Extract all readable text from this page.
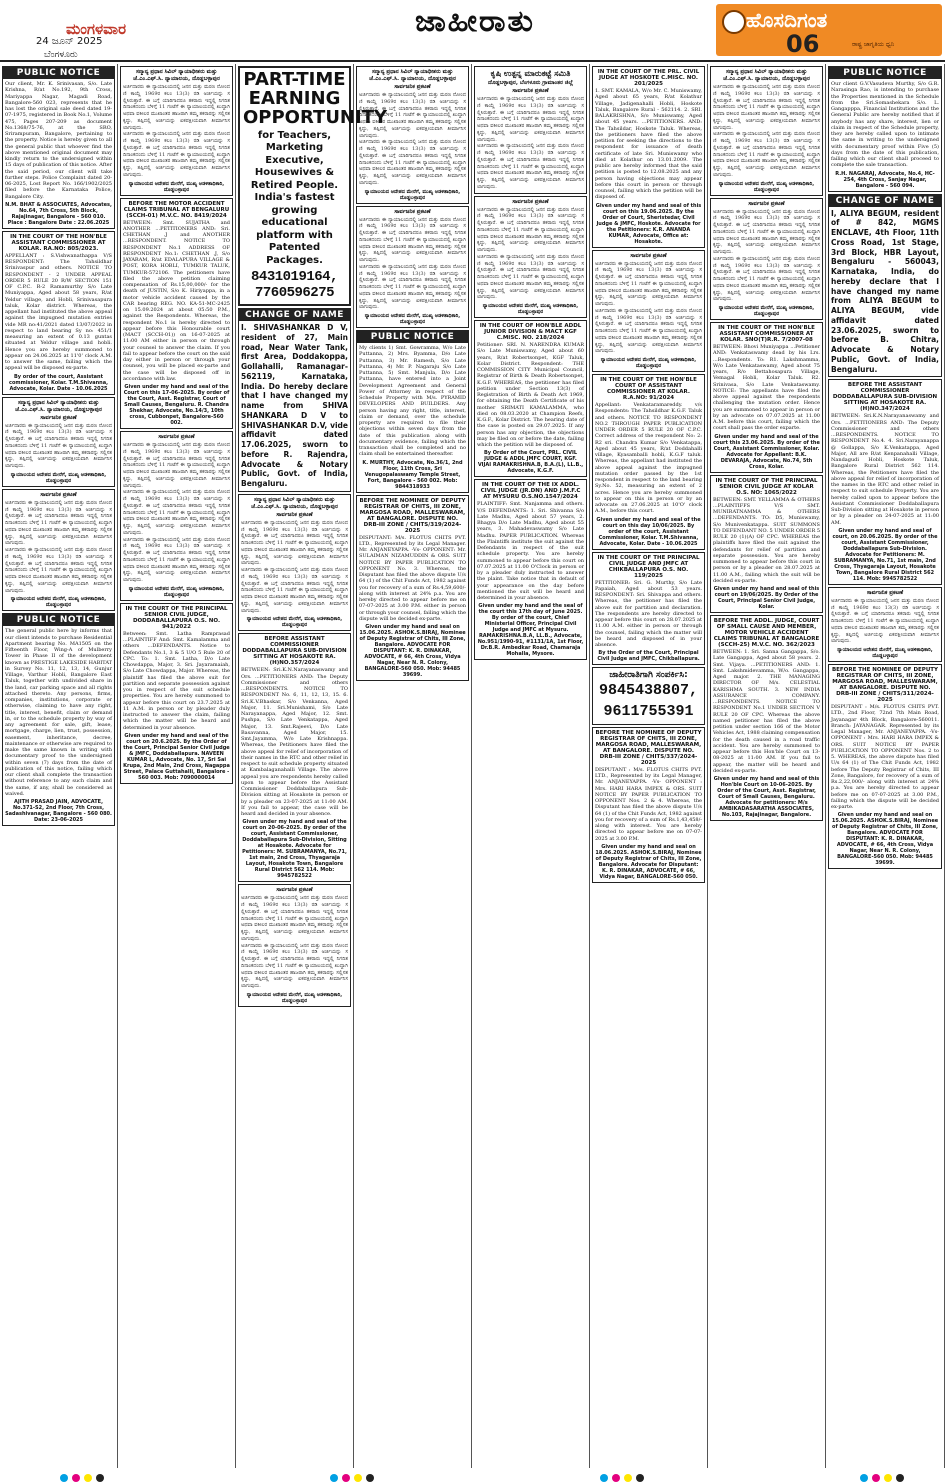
ಮಂಗಳವಾರ
24 ಜೂನ್ 2025
ಬೆಂಗಳೂರು
ಜಾಹೀರಾತು	ಹೊಸದಿಗಂತ
ರಾಷ್ಟ್ರ ಜಾಗೃತಿಯ ಧ್ವನಿ
06
PUBLIC NOTICE
Our client, Mr. K. Srinivasan, S/o. Late Krishna, R/at No.192, 9th Cross, Mariyappa Nagar, Magadi Road, Bangalore-560 023, represents that he has lost the original sale deed dated 19-07-1975, registered in Book No.1, Volume 475, Pages 207-209 as document No.1368/75-76, at the SRO, Srirampuram, Bangalore, pertaining to the property. Notice is hereby given to all the general public that whoever find the above mentioned original document may kindly return to the undersigned within 15 days of publication of this notice. After the said period, our client will take further steps. Police Complaint dated 20-06-2025, Lost Report No. 166/1902/2025 filed before the Karnataka Police, Bangalore City.
N.M. BHAT & ASSOCIATES, Advocates, No.64, 7th Cross, 5th Block, Rajajinagar, Bangalore - 560 010. Place : Bangalore Date : 22.06.2025
IN THE COURT OF THE HON'BLE ASSISTANT COMMISSIONER AT KOLAR. RA.NO: 805/2023.
APPELLANT : S.Vishwanathappa V/S RESPONDENT: The Tahsildhar Srinivaspur and others. NOTICE TO RESPONDENT - 2 UNDER APPEAL ORDER 5 RULE 20 R/W SECTION 151 OF C.P.C. R-2 Ramamurthy S/o Late Muniyappa, Aged about 58 years, R/at Yeldur village, and Hobli, Srinivasapura taluk, Kolar district. Whereas, the appellant had instituted the above appeal against the impugned mutation entries vide MR no:41/2021 dated 13/07/2022 in respect to land bearing Sy no: 451/1 measuring an extent of 0.13 guntas situated at Yeldur village and hobli. Hence you are hereby summoned to appear on 24.06.2025 at 11'0' clock A.M. to answer the same, failing which the appeal will be disposed ex-parte.
By order of the court, Assistant commissioner, Kolar. T.M.Shivanna, Advocate, Kolar. Date - 10.06.2025
ಸನ್ಮಾನ್ಯ ಪ್ರಧಾನ ಸಿವಿಲ್ ನ್ಯಾಯಾಧೀಶರು ಮತ್ತು ಜೆ.ಎಂ.ಎಫ್.ಸಿ. ನ್ಯಾಯಾಲಯ, ದೊಡ್ಡಬಳ್ಳಾಪುರ
ಸಾರ್ವಜನಿಕ ಪ್ರಕಟಣೆ
ಅರ್ಜಿದಾರರು ಈ ನ್ಯಾಯಾಲಯದಲ್ಲಿ ಜನನ ಮತ್ತು ಮರಣ ನೋಂದಣಿ ಕಾಯ್ದೆ 1969ರ ಕಲಂ 13(3) ರಡಿ ಅರ್ಜಿಯನ್ನು ಸಲ್ಲಿಸಿರುತ್ತಾರೆ. ಈ ಬಗ್ಗೆ ಯಾರಿಗಾದರೂ ತಕರಾರು ಇದ್ದಲ್ಲಿ ನಿಗದಿತ ದಿನಾಂಕದಂದು ಬೆಳಿಗ್ಗೆ 11 ಗಂಟೆಗೆ ಈ ನ್ಯಾಯಾಲಯದಲ್ಲಿ ಖುದ್ದಾಗಿ ಅಥವಾ ವಕೀಲರ ಮುಖಾಂತರ ಹಾಜರಾಗಿ ತಮ್ಮ ತಕರಾರನ್ನು ಸಲ್ಲಿಸತಕ್ಕದ್ದು, ತಪ್ಪಿದಲ್ಲಿ ಅರ್ಜಿಯನ್ನು ಏಕಪಕ್ಷೀಯವಾಗಿ ತೀರ್ಮಾನಿಸಲಾಗುವುದು.
ನ್ಯಾಯಾಲಯದ ಆದೇಶದ ಮೇರೆಗೆ, ಮುಖ್ಯ ಆಡಳಿತಾಧಿಕಾರಿ, ದೊಡ್ಡಬಳ್ಳಾಪುರ
ಸಾರ್ವಜನಿಕ ಪ್ರಕಟಣೆ
ಅರ್ಜಿದಾರರು ಈ ನ್ಯಾಯಾಲಯದಲ್ಲಿ ಜನನ ಮತ್ತು ಮರಣ ನೋಂದಣಿ ಕಾಯ್ದೆ 1969ರ ಕಲಂ 13(3) ರಡಿ ಅರ್ಜಿಯನ್ನು ಸಲ್ಲಿಸಿರುತ್ತಾರೆ. ಈ ಬಗ್ಗೆ ಯಾರಿಗಾದರೂ ತಕರಾರು ಇದ್ದಲ್ಲಿ ನಿಗದಿತ ದಿನಾಂಕದಂದು ಬೆಳಿಗ್ಗೆ 11 ಗಂಟೆಗೆ ಈ ನ್ಯಾಯಾಲಯದಲ್ಲಿ ಖುದ್ದಾಗಿ ಅಥವಾ ವಕೀಲರ ಮುಖಾಂತರ ಹಾಜರಾಗಿ ತಮ್ಮ ತಕರಾರನ್ನು ಸಲ್ಲಿಸತಕ್ಕದ್ದು, ತಪ್ಪಿದಲ್ಲಿ ಅರ್ಜಿಯನ್ನು ಏಕಪಕ್ಷೀಯವಾಗಿ ತೀರ್ಮಾನಿಸಲಾಗುವುದು.
ಅರ್ಜಿದಾರರು ಈ ನ್ಯಾಯಾಲಯದಲ್ಲಿ ಜನನ ಮತ್ತು ಮರಣ ನೋಂದಣಿ ಕಾಯ್ದೆ 1969ರ ಕಲಂ 13(3) ರಡಿ ಅರ್ಜಿಯನ್ನು ಸಲ್ಲಿಸಿರುತ್ತಾರೆ. ಈ ಬಗ್ಗೆ ಯಾರಿಗಾದರೂ ತಕರಾರು ಇದ್ದಲ್ಲಿ ನಿಗದಿತ ದಿನಾಂಕದಂದು ಬೆಳಿಗ್ಗೆ 11 ಗಂಟೆಗೆ ಈ ನ್ಯಾಯಾಲಯದಲ್ಲಿ ಖುದ್ದಾಗಿ ಅಥವಾ ವಕೀಲರ ಮುಖಾಂತರ ಹಾಜರಾಗಿ ತಮ್ಮ ತಕರಾರನ್ನು ಸಲ್ಲಿಸತಕ್ಕದ್ದು, ತಪ್ಪಿದಲ್ಲಿ ಅರ್ಜಿಯನ್ನು ಏಕಪಕ್ಷೀಯವಾಗಿ ತೀರ್ಮಾನಿಸಲಾಗುವುದು.
ನ್ಯಾಯಾಲಯದ ಆದೇಶದ ಮೇರೆಗೆ, ಮುಖ್ಯ ಆಡಳಿತಾಧಿಕಾರಿ, ದೊಡ್ಡಬಳ್ಳಾಪುರ
PUBLIC NOTICE
The general public here by informs that our client intends to purchase Residential Apartment bearing No. MA1505 on the Fifteenth Floor, Wing-A of Mulberry Tower in Phase II of the development known as PRESTIGE LAKESIDE HABITAT in Survey No. 11, 12, 13, 14, Gunjur Village, Varthur Hobli, Bangalore East Taluk, together with undivided share in the land, car parking space and all rights attached thereto. Any persons, firms, companies, institutions, corporate or otherwise, claiming to have any right, title, interest, benefit, claim or demand in, or to the schedule property by way of any agreement for sale, gift, lease, mortgage, charge, lien, trust, possession, easement, inheritance, decree, maintenance or otherwise are required to make the same known in writing with documentary proof to the undersigned within seven (7) days from the date of publication of this notice, failing which our client shall complete the transaction without reference to any such claim and the same, if any, shall be considered as waived.
AJITH PRASAD JAIN, ADVOCATE, No.371-S2, 2nd Floor, 7th Cross, Sadashivanagar, Bangalore - 560 080. Date: 23-06-2025
ಸನ್ಮಾನ್ಯ ಪ್ರಧಾನ ಸಿವಿಲ್ ನ್ಯಾಯಾಧೀಶರು ಮತ್ತು ಜೆ.ಎಂ.ಎಫ್.ಸಿ. ನ್ಯಾಯಾಲಯ, ದೊಡ್ಡಬಳ್ಳಾಪುರ
ಅರ್ಜಿದಾರರು ಈ ನ್ಯಾಯಾಲಯದಲ್ಲಿ ಜನನ ಮತ್ತು ಮರಣ ನೋಂದಣಿ ಕಾಯ್ದೆ 1969ರ ಕಲಂ 13(3) ರಡಿ ಅರ್ಜಿಯನ್ನು ಸಲ್ಲಿಸಿರುತ್ತಾರೆ. ಈ ಬಗ್ಗೆ ಯಾರಿಗಾದರೂ ತಕರಾರು ಇದ್ದಲ್ಲಿ ನಿಗದಿತ ದಿನಾಂಕದಂದು ಬೆಳಿಗ್ಗೆ 11 ಗಂಟೆಗೆ ಈ ನ್ಯಾಯಾಲಯದಲ್ಲಿ ಖುದ್ದಾಗಿ ಅಥವಾ ವಕೀಲರ ಮುಖಾಂತರ ಹಾಜರಾಗಿ ತಮ್ಮ ತಕರಾರನ್ನು ಸಲ್ಲಿಸತಕ್ಕದ್ದು, ತಪ್ಪಿದಲ್ಲಿ ಅರ್ಜಿಯನ್ನು ಏಕಪಕ್ಷೀಯವಾಗಿ ತೀರ್ಮಾನಿಸಲಾಗುವುದು.
ಅರ್ಜಿದಾರರು ಈ ನ್ಯಾಯಾಲಯದಲ್ಲಿ ಜನನ ಮತ್ತು ಮರಣ ನೋಂದಣಿ ಕಾಯ್ದೆ 1969ರ ಕಲಂ 13(3) ರಡಿ ಅರ್ಜಿಯನ್ನು ಸಲ್ಲಿಸಿರುತ್ತಾರೆ. ಈ ಬಗ್ಗೆ ಯಾರಿಗಾದರೂ ತಕರಾರು ಇದ್ದಲ್ಲಿ ನಿಗದಿತ ದಿನಾಂಕದಂದು ಬೆಳಿಗ್ಗೆ 11 ಗಂಟೆಗೆ ಈ ನ್ಯಾಯಾಲಯದಲ್ಲಿ ಖುದ್ದಾಗಿ ಅಥವಾ ವಕೀಲರ ಮುಖಾಂತರ ಹಾಜರಾಗಿ ತಮ್ಮ ತಕರಾರನ್ನು ಸಲ್ಲಿಸತಕ್ಕದ್ದು, ತಪ್ಪಿದಲ್ಲಿ ಅರ್ಜಿಯನ್ನು ಏಕಪಕ್ಷೀಯವಾಗಿ ತೀರ್ಮಾನಿಸಲಾಗುವುದು.
ನ್ಯಾಯಾಲಯದ ಆದೇಶದ ಮೇರೆಗೆ, ಮುಖ್ಯ ಆಡಳಿತಾಧಿಕಾರಿ, ದೊಡ್ಡಬಳ್ಳಾಪುರ
BEFORE THE MOTOR ACCIDENT CLAIMS TRIBUNAL AT BENGALURU (SCCH-01) M.V.C. NO. 8419/2024
BETWEEN: Smt. SUJATHA and ANOTHER ...PETITIONERS AND: Sri. CHETHAN .J and ANOTHER ...RESPONDENT. NOTICE TO RESPONDENT No.1 ADDRESS OF RESPONDENT No.1: CHETHAN .J, S/o JAYARAM, R/at EDALAPURA VILLAGE & POST, KORA HOBLI, TUMKUR TALUK, TUMKUR-572106. The petitioners have filed the above petition claiming compensation of Rs.15,00,000/- for the death of JUSTIN, S/o K. Hiriyappa, in a motor vehicle accident caused by the CAR bearing REG. NO. KA-51-MC-2425 on 15.09.2024 at about 05:50 P.M., against the Respondents. Whereas, the respondent No.1 is hereby directed to appear before this Honourable court (MACT (SCCH-01)) on 16-07-2025 at 11:00 AM either in person or through your counsel to answer the claim. If you fail to appear before the court on the said day either in person or through your counsel, you will be placed ex-parte and the case will be disposed off in accordance with law.
Given under my hand and seal of the Court on this 17-06-2025. By order of the Court, Asst. Registrar, Court of Small Causes, Bengaluru. R. Chandra Shekhar, Advocate, No.14/3, 10th cross, Cubbonpet, Bangalore-560 002.
ಸಾರ್ವಜನಿಕ ಪ್ರಕಟಣೆ
ಅರ್ಜಿದಾರರು ಈ ನ್ಯಾಯಾಲಯದಲ್ಲಿ ಜನನ ಮತ್ತು ಮರಣ ನೋಂದಣಿ ಕಾಯ್ದೆ 1969ರ ಕಲಂ 13(3) ರಡಿ ಅರ್ಜಿಯನ್ನು ಸಲ್ಲಿಸಿರುತ್ತಾರೆ. ಈ ಬಗ್ಗೆ ಯಾರಿಗಾದರೂ ತಕರಾರು ಇದ್ದಲ್ಲಿ ನಿಗದಿತ ದಿನಾಂಕದಂದು ಬೆಳಿಗ್ಗೆ 11 ಗಂಟೆಗೆ ಈ ನ್ಯಾಯಾಲಯದಲ್ಲಿ ಖುದ್ದಾಗಿ ಅಥವಾ ವಕೀಲರ ಮುಖಾಂತರ ಹಾಜರಾಗಿ ತಮ್ಮ ತಕರಾರನ್ನು ಸಲ್ಲಿಸತಕ್ಕದ್ದು, ತಪ್ಪಿದಲ್ಲಿ ಅರ್ಜಿಯನ್ನು ಏಕಪಕ್ಷೀಯವಾಗಿ ತೀರ್ಮಾನಿಸಲಾಗುವುದು.
ಅರ್ಜಿದಾರರು ಈ ನ್ಯಾಯಾಲಯದಲ್ಲಿ ಜನನ ಮತ್ತು ಮರಣ ನೋಂದಣಿ ಕಾಯ್ದೆ 1969ರ ಕಲಂ 13(3) ರಡಿ ಅರ್ಜಿಯನ್ನು ಸಲ್ಲಿಸಿರುತ್ತಾರೆ. ಈ ಬಗ್ಗೆ ಯಾರಿಗಾದರೂ ತಕರಾರು ಇದ್ದಲ್ಲಿ ನಿಗದಿತ ದಿನಾಂಕದಂದು ಬೆಳಿಗ್ಗೆ 11 ಗಂಟೆಗೆ ಈ ನ್ಯಾಯಾಲಯದಲ್ಲಿ ಖುದ್ದಾಗಿ ಅಥವಾ ವಕೀಲರ ಮುಖಾಂತರ ಹಾಜರಾಗಿ ತಮ್ಮ ತಕರಾರನ್ನು ಸಲ್ಲಿಸತಕ್ಕದ್ದು, ತಪ್ಪಿದಲ್ಲಿ ಅರ್ಜಿಯನ್ನು ಏಕಪಕ್ಷೀಯವಾಗಿ ತೀರ್ಮಾನಿಸಲಾಗುವುದು.
ಅರ್ಜಿದಾರರು ಈ ನ್ಯಾಯಾಲಯದಲ್ಲಿ ಜನನ ಮತ್ತು ಮರಣ ನೋಂದಣಿ ಕಾಯ್ದೆ 1969ರ ಕಲಂ 13(3) ರಡಿ ಅರ್ಜಿಯನ್ನು ಸಲ್ಲಿಸಿರುತ್ತಾರೆ. ಈ ಬಗ್ಗೆ ಯಾರಿಗಾದರೂ ತಕರಾರು ಇದ್ದಲ್ಲಿ ನಿಗದಿತ ದಿನಾಂಕದಂದು ಬೆಳಿಗ್ಗೆ 11 ಗಂಟೆಗೆ ಈ ನ್ಯಾಯಾಲಯದಲ್ಲಿ ಖುದ್ದಾಗಿ ಅಥವಾ ವಕೀಲರ ಮುಖಾಂತರ ಹಾಜರಾಗಿ ತಮ್ಮ ತಕರಾರನ್ನು ಸಲ್ಲಿಸತಕ್ಕದ್ದು, ತಪ್ಪಿದಲ್ಲಿ ಅರ್ಜಿಯನ್ನು ಏಕಪಕ್ಷೀಯವಾಗಿ ತೀರ್ಮಾನಿಸಲಾಗುವುದು.
ನ್ಯಾಯಾಲಯದ ಆದೇಶದ ಮೇರೆಗೆ, ಮುಖ್ಯ ಆಡಳಿತಾಧಿಕಾರಿ, ದೊಡ್ಡಬಳ್ಳಾಪುರ
IN THE COURT OF THE PRINCIPAL SENIOR CIVIL JUDGE, DODDABALLAPURA O.S. NO. 941/2022
Between: Smt. Latha Ramprasad ...PLAINTIFF And: Smt. Kamalamma and others ...DEFENDANTS. Notice to Defendants No.1, 3 & 5 U/O 5 Rule 20 of CPC. To: 1. Smt. Latha, D/o Late Chowdappa, Major, 3. Sri. Jayaramaiah, S/o Late Chowdappa, Major. Whereas, the plaintiff has filed the above suit for partition and separate possession against you in respect of the suit schedule properties. You are hereby summoned to appear before this court on 23.7.2025 at 11 A.M. in person or by pleader duly instructed to answer the claim, failing which the matter will be heard and determined in your absence.
Given under my hand and seal of the court on 20.6.2025. By the Order of the Court, Principal Senior Civil Judge & JMFC, Doddaballapura. NAVEEN KUMAR L, Advocate, No. 17, Sri Sai Krupa, 2nd Main, 2nd Cross, Nagappa Street, Palace Guttahalli, Bangalore - 560 003. Mob: 7090000014
PART-TIME EARNING OPPORTUNITY
for Teachers, Marketing Executive, Housewives & Retired People. India's fastest growing educational platform with Patented Packages.
8431019164, 7760596275
CHANGE OF NAME
I. SHIVASHANKAR D V, resident of 27, Main road, Near Water Tank, first Area, Doddakoppa, Gollahalli, Ramanagar-562119, Karnataka, India. Do hereby declare that I have changed my name from SHIVA SHANKARA D V to SHIVASHANKAR D.V, vide affidavit dated 17.06.2025, sworn to before R. Rajendra, Advocate & Notary Public, Govt. of India, Bengaluru.
ಸನ್ಮಾನ್ಯ ಪ್ರಧಾನ ಸಿವಿಲ್ ನ್ಯಾಯಾಧೀಶರು ಮತ್ತು ಜೆ.ಎಂ.ಎಫ್.ಸಿ. ನ್ಯಾಯಾಲಯ, ದೊಡ್ಡಬಳ್ಳಾಪುರ
ಸಾರ್ವಜನಿಕ ಪ್ರಕಟಣೆ
ಅರ್ಜಿದಾರರು ಈ ನ್ಯಾಯಾಲಯದಲ್ಲಿ ಜನನ ಮತ್ತು ಮರಣ ನೋಂದಣಿ ಕಾಯ್ದೆ 1969ರ ಕಲಂ 13(3) ರಡಿ ಅರ್ಜಿಯನ್ನು ಸಲ್ಲಿಸಿರುತ್ತಾರೆ. ಈ ಬಗ್ಗೆ ಯಾರಿಗಾದರೂ ತಕರಾರು ಇದ್ದಲ್ಲಿ ನಿಗದಿತ ದಿನಾಂಕದಂದು ಬೆಳಿಗ್ಗೆ 11 ಗಂಟೆಗೆ ಈ ನ್ಯಾಯಾಲಯದಲ್ಲಿ ಖುದ್ದಾಗಿ ಅಥವಾ ವಕೀಲರ ಮುಖಾಂತರ ಹಾಜರಾಗಿ ತಮ್ಮ ತಕರಾರನ್ನು ಸಲ್ಲಿಸತಕ್ಕದ್ದು, ತಪ್ಪಿದಲ್ಲಿ ಅರ್ಜಿಯನ್ನು ಏಕಪಕ್ಷೀಯವಾಗಿ ತೀರ್ಮಾನಿಸಲಾಗುವುದು.
ಅರ್ಜಿದಾರರು ಈ ನ್ಯಾಯಾಲಯದಲ್ಲಿ ಜನನ ಮತ್ತು ಮರಣ ನೋಂದಣಿ ಕಾಯ್ದೆ 1969ರ ಕಲಂ 13(3) ರಡಿ ಅರ್ಜಿಯನ್ನು ಸಲ್ಲಿಸಿರುತ್ತಾರೆ. ಈ ಬಗ್ಗೆ ಯಾರಿಗಾದರೂ ತಕರಾರು ಇದ್ದಲ್ಲಿ ನಿಗದಿತ ದಿನಾಂಕದಂದು ಬೆಳಿಗ್ಗೆ 11 ಗಂಟೆಗೆ ಈ ನ್ಯಾಯಾಲಯದಲ್ಲಿ ಖುದ್ದಾಗಿ ಅಥವಾ ವಕೀಲರ ಮುಖಾಂತರ ಹಾಜರಾಗಿ ತಮ್ಮ ತಕರಾರನ್ನು ಸಲ್ಲಿಸತಕ್ಕದ್ದು, ತಪ್ಪಿದಲ್ಲಿ ಅರ್ಜಿಯನ್ನು ಏಕಪಕ್ಷೀಯವಾಗಿ ತೀರ್ಮಾನಿಸಲಾಗುವುದು.
ನ್ಯಾಯಾಲಯದ ಆದೇಶದ ಮೇರೆಗೆ, ಮುಖ್ಯ ಆಡಳಿತಾಧಿಕಾರಿ, ದೊಡ್ಡಬಳ್ಳಾಪುರ
BEFORE ASSISTANT COMMISSIONER DODDABALLAPURA SUB-DIVISION SITTING AT HOSAKOTE RA.(H)NO.357/2024
BETWEEN: Sri.K.N.Narayanaswamy and Ors. ...PETITIONERS AND: The Deputy Commissioner and others ...RESPONDENTS. NOTICE TO RESPONDENT No. 6, 11, 12, 13, 15. 6. Sri.K.V.Bhaskar, S/o Venkanna, Aged Major, 11. Sri.Munishami, S/o Late Narayanappa, Aged Major, 12. Smt. Pushpa, S/o Late Venkatappa, Aged Major, 13. Smt.Rajeevi, D/o Late Basavanna, Aged Major, 15. Smt.Jayamma, W/o Late Krishnappa. Whereas, the Petitioners have filed the above appeal for relief of incorporation of their names in the RTC and other relief in respect to suit schedule property situated at Kambalaganahalli Village. The above appeal you are respondents hereby called upon to appear before the Assistant Commissioner Doddaballapura Sub-Division sitting at Hosakote in person or by a pleader on 23-07-2025 at 11:00 AM. If you fail to appear, the case will be heard and decided in your absence.
Given under my hand and seal of the court on 20-06-2025. By order of the court, Assistant Commissioner, Doddaballapura Sub-Division, Sitting at Hosakote. Advocate for Petitioners: M. SUBRAMANYA, No.71, 1st main, 2nd Cross, Thyagaraja Layout, Hosakote Town, Bangalore Rural District 562 114. Mob: 9945782522
ಸಾರ್ವಜನಿಕ ಪ್ರಕಟಣೆ
ಅರ್ಜಿದಾರರು ಈ ನ್ಯಾಯಾಲಯದಲ್ಲಿ ಜನನ ಮತ್ತು ಮರಣ ನೋಂದಣಿ ಕಾಯ್ದೆ 1969ರ ಕಲಂ 13(3) ರಡಿ ಅರ್ಜಿಯನ್ನು ಸಲ್ಲಿಸಿರುತ್ತಾರೆ. ಈ ಬಗ್ಗೆ ಯಾರಿಗಾದರೂ ತಕರಾರು ಇದ್ದಲ್ಲಿ ನಿಗದಿತ ದಿನಾಂಕದಂದು ಬೆಳಿಗ್ಗೆ 11 ಗಂಟೆಗೆ ಈ ನ್ಯಾಯಾಲಯದಲ್ಲಿ ಖುದ್ದಾಗಿ ಅಥವಾ ವಕೀಲರ ಮುಖಾಂತರ ಹಾಜರಾಗಿ ತಮ್ಮ ತಕರಾರನ್ನು ಸಲ್ಲಿಸತಕ್ಕದ್ದು, ತಪ್ಪಿದಲ್ಲಿ ಅರ್ಜಿಯನ್ನು ಏಕಪಕ್ಷೀಯವಾಗಿ ತೀರ್ಮಾನಿಸಲಾಗುವುದು.
ಅರ್ಜಿದಾರರು ಈ ನ್ಯಾಯಾಲಯದಲ್ಲಿ ಜನನ ಮತ್ತು ಮರಣ ನೋಂದಣಿ ಕಾಯ್ದೆ 1969ರ ಕಲಂ 13(3) ರಡಿ ಅರ್ಜಿಯನ್ನು ಸಲ್ಲಿಸಿರುತ್ತಾರೆ. ಈ ಬಗ್ಗೆ ಯಾರಿಗಾದರೂ ತಕರಾರು ಇದ್ದಲ್ಲಿ ನಿಗದಿತ ದಿನಾಂಕದಂದು ಬೆಳಿಗ್ಗೆ 11 ಗಂಟೆಗೆ ಈ ನ್ಯಾಯಾಲಯದಲ್ಲಿ ಖುದ್ದಾಗಿ ಅಥವಾ ವಕೀಲರ ಮುಖಾಂತರ ಹಾಜರಾಗಿ ತಮ್ಮ ತಕರಾರನ್ನು ಸಲ್ಲಿಸತಕ್ಕದ್ದು, ತಪ್ಪಿದಲ್ಲಿ ಅರ್ಜಿಯನ್ನು ಏಕಪಕ್ಷೀಯವಾಗಿ ತೀರ್ಮಾನಿಸಲಾಗುವುದು.
ನ್ಯಾಯಾಲಯದ ಆದೇಶದ ಮೇರೆಗೆ, ಮುಖ್ಯ ಆಡಳಿತಾಧಿಕಾರಿ, ದೊಡ್ಡಬಳ್ಳಾಪುರ
ಸನ್ಮಾನ್ಯ ಪ್ರಧಾನ ಸಿವಿಲ್ ನ್ಯಾಯಾಧೀಶರು ಮತ್ತು ಜೆ.ಎಂ.ಎಫ್.ಸಿ. ನ್ಯಾಯಾಲಯ, ದೊಡ್ಡಬಳ್ಳಾಪುರ
ಸಾರ್ವಜನಿಕ ಪ್ರಕಟಣೆ
ಅರ್ಜಿದಾರರು ಈ ನ್ಯಾಯಾಲಯದಲ್ಲಿ ಜನನ ಮತ್ತು ಮರಣ ನೋಂದಣಿ ಕಾಯ್ದೆ 1969ರ ಕಲಂ 13(3) ರಡಿ ಅರ್ಜಿಯನ್ನು ಸಲ್ಲಿಸಿರುತ್ತಾರೆ. ಈ ಬಗ್ಗೆ ಯಾರಿಗಾದರೂ ತಕರಾರು ಇದ್ದಲ್ಲಿ ನಿಗದಿತ ದಿನಾಂಕದಂದು ಬೆಳಿಗ್ಗೆ 11 ಗಂಟೆಗೆ ಈ ನ್ಯಾಯಾಲಯದಲ್ಲಿ ಖುದ್ದಾಗಿ ಅಥವಾ ವಕೀಲರ ಮುಖಾಂತರ ಹಾಜರಾಗಿ ತಮ್ಮ ತಕರಾರನ್ನು ಸಲ್ಲಿಸತಕ್ಕದ್ದು, ತಪ್ಪಿದಲ್ಲಿ ಅರ್ಜಿಯನ್ನು ಏಕಪಕ್ಷೀಯವಾಗಿ ತೀರ್ಮಾನಿಸಲಾಗುವುದು.
ಅರ್ಜಿದಾರರು ಈ ನ್ಯಾಯಾಲಯದಲ್ಲಿ ಜನನ ಮತ್ತು ಮರಣ ನೋಂದಣಿ ಕಾಯ್ದೆ 1969ರ ಕಲಂ 13(3) ರಡಿ ಅರ್ಜಿಯನ್ನು ಸಲ್ಲಿಸಿರುತ್ತಾರೆ. ಈ ಬಗ್ಗೆ ಯಾರಿಗಾದರೂ ತಕರಾರು ಇದ್ದಲ್ಲಿ ನಿಗದಿತ ದಿನಾಂಕದಂದು ಬೆಳಿಗ್ಗೆ 11 ಗಂಟೆಗೆ ಈ ನ್ಯಾಯಾಲಯದಲ್ಲಿ ಖುದ್ದಾಗಿ ಅಥವಾ ವಕೀಲರ ಮುಖಾಂತರ ಹಾಜರಾಗಿ ತಮ್ಮ ತಕರಾರನ್ನು ಸಲ್ಲಿಸತಕ್ಕದ್ದು, ತಪ್ಪಿದಲ್ಲಿ ಅರ್ಜಿಯನ್ನು ಏಕಪಕ್ಷೀಯವಾಗಿ ತೀರ್ಮಾನಿಸಲಾಗುವುದು.
ನ್ಯಾಯಾಲಯದ ಆದೇಶದ ಮೇರೆಗೆ, ಮುಖ್ಯ ಆಡಳಿತಾಧಿಕಾರಿ, ದೊಡ್ಡಬಳ್ಳಾಪುರ
ಸಾರ್ವಜನಿಕ ಪ್ರಕಟಣೆ
ಅರ್ಜಿದಾರರು ಈ ನ್ಯಾಯಾಲಯದಲ್ಲಿ ಜನನ ಮತ್ತು ಮರಣ ನೋಂದಣಿ ಕಾಯ್ದೆ 1969ರ ಕಲಂ 13(3) ರಡಿ ಅರ್ಜಿಯನ್ನು ಸಲ್ಲಿಸಿರುತ್ತಾರೆ. ಈ ಬಗ್ಗೆ ಯಾರಿಗಾದರೂ ತಕರಾರು ಇದ್ದಲ್ಲಿ ನಿಗದಿತ ದಿನಾಂಕದಂದು ಬೆಳಿಗ್ಗೆ 11 ಗಂಟೆಗೆ ಈ ನ್ಯಾಯಾಲಯದಲ್ಲಿ ಖುದ್ದಾಗಿ ಅಥವಾ ವಕೀಲರ ಮುಖಾಂತರ ಹಾಜರಾಗಿ ತಮ್ಮ ತಕರಾರನ್ನು ಸಲ್ಲಿಸತಕ್ಕದ್ದು, ತಪ್ಪಿದಲ್ಲಿ ಅರ್ಜಿಯನ್ನು ಏಕಪಕ್ಷೀಯವಾಗಿ ತೀರ್ಮಾನಿಸಲಾಗುವುದು.
ಅರ್ಜಿದಾರರು ಈ ನ್ಯಾಯಾಲಯದಲ್ಲಿ ಜನನ ಮತ್ತು ಮರಣ ನೋಂದಣಿ ಕಾಯ್ದೆ 1969ರ ಕಲಂ 13(3) ರಡಿ ಅರ್ಜಿಯನ್ನು ಸಲ್ಲಿಸಿರುತ್ತಾರೆ. ಈ ಬಗ್ಗೆ ಯಾರಿಗಾದರೂ ತಕರಾರು ಇದ್ದಲ್ಲಿ ನಿಗದಿತ ದಿನಾಂಕದಂದು ಬೆಳಿಗ್ಗೆ 11 ಗಂಟೆಗೆ ಈ ನ್ಯಾಯಾಲಯದಲ್ಲಿ ಖುದ್ದಾಗಿ ಅಥವಾ ವಕೀಲರ ಮುಖಾಂತರ ಹಾಜರಾಗಿ ತಮ್ಮ ತಕರಾರನ್ನು ಸಲ್ಲಿಸತಕ್ಕದ್ದು, ತಪ್ಪಿದಲ್ಲಿ ಅರ್ಜಿಯನ್ನು ಏಕಪಕ್ಷೀಯವಾಗಿ ತೀರ್ಮಾನಿಸಲಾಗುವುದು.
ನ್ಯಾಯಾಲಯದ ಆದೇಶದ ಮೇರೆಗೆ, ಮುಖ್ಯ ಆಡಳಿತಾಧಿಕಾರಿ, ದೊಡ್ಡಬಳ್ಳಾಪುರ
PUBLIC NOTICE
My clients 1) Smt. Gowramma, W/o Late Puttanna, 2) Mrs. Byamma, D/o Late Puttanna, 3) Mr. Ramesh, S/o Late Puttanna, 4) Mr. P. Nagaraju S/o Late Puttanna, 5) Smt. Manjula, D/o Late Puttanna, have entered into a Joint Development Agreement and General Power of Attorney in respect of the Schedule Property with M/s. PYRAMID DEVELOPERS AND BUILDERS. Any person having any right, title, interest, claim or demand, over the schedule property are required to file their objections within seven days from the date of this publication along with documentary evidence, failing which the transaction shall be completed and no claim shall be entertained thereafter.
K. MURTHY, Advocate, No.36/1, 2nd Floor, 11th Cross, Sri Venugopalaswamy Temple Street, Fort, Bangalore - 560 002. Mob: 9844318933
BEFORE THE NOMINEE OF DEPUTY REGISTRAR OF CHITS, III ZONE, MARGOSA ROAD, MALLESWARAM, AT BANGALORE. DISPUTE NO. DRB-III ZONE / CHITS/319/2024-2025
DISPUTANT: M/s. FLOTUS CHITS PVT. LTD., Represented by its Legal Manager. Mr. ANJANEYAPPA. -Vs- OPPONENT: Mr. SULAIMAN NIZAMUDDIN & ORS. SUIT NOTICE BY PAPER PUBLICATION TO OPPONENT No. 3. Whereas, the Disputant has filed the above dispute U/s 64 (1) of the Chit Funds Act, 1982 against you for recovery of a sum of Rs.4,59,600/- along with interest at 24% p.a. You are hereby directed to appear before me on 07-07-2025 at 3.00 P.M. either in person or through your counsel, failing which the dispute will be decided ex-parte.
Given under my hand and seal on 15.06.2025. ASHOK.S.BIRAJ, Nominee of Deputy Registrar of Chits, III Zone, Bangalore. ADVOCATE FOR DISPUTANT: K. R. DINAKAR, ADVOCATE, # 66, 4th Cross, Vidya Nagar, Near N. R. Colony, BANGALORE-560 050. Mob: 94485 39699.
ಕೃಷಿ ಉತ್ಪನ್ನ ಮಾರುಕಟ್ಟೆ ಸಮಿತಿ
ದೊಡ್ಡಬಳ್ಳಾಪುರ, ಬೆಂಗಳೂರು ಗ್ರಾಮಾಂತರ ಜಿಲ್ಲೆ
ಸಾರ್ವಜನಿಕ ಪ್ರಕಟಣೆ
ಅರ್ಜಿದಾರರು ಈ ನ್ಯಾಯಾಲಯದಲ್ಲಿ ಜನನ ಮತ್ತು ಮರಣ ನೋಂದಣಿ ಕಾಯ್ದೆ 1969ರ ಕಲಂ 13(3) ರಡಿ ಅರ್ಜಿಯನ್ನು ಸಲ್ಲಿಸಿರುತ್ತಾರೆ. ಈ ಬಗ್ಗೆ ಯಾರಿಗಾದರೂ ತಕರಾರು ಇದ್ದಲ್ಲಿ ನಿಗದಿತ ದಿನಾಂಕದಂದು ಬೆಳಿಗ್ಗೆ 11 ಗಂಟೆಗೆ ಈ ನ್ಯಾಯಾಲಯದಲ್ಲಿ ಖುದ್ದಾಗಿ ಅಥವಾ ವಕೀಲರ ಮುಖಾಂತರ ಹಾಜರಾಗಿ ತಮ್ಮ ತಕರಾರನ್ನು ಸಲ್ಲಿಸತಕ್ಕದ್ದು, ತಪ್ಪಿದಲ್ಲಿ ಅರ್ಜಿಯನ್ನು ಏಕಪಕ್ಷೀಯವಾಗಿ ತೀರ್ಮಾನಿಸಲಾಗುವುದು.
ಅರ್ಜಿದಾರರು ಈ ನ್ಯಾಯಾಲಯದಲ್ಲಿ ಜನನ ಮತ್ತು ಮರಣ ನೋಂದಣಿ ಕಾಯ್ದೆ 1969ರ ಕಲಂ 13(3) ರಡಿ ಅರ್ಜಿಯನ್ನು ಸಲ್ಲಿಸಿರುತ್ತಾರೆ. ಈ ಬಗ್ಗೆ ಯಾರಿಗಾದರೂ ತಕರಾರು ಇದ್ದಲ್ಲಿ ನಿಗದಿತ ದಿನಾಂಕದಂದು ಬೆಳಿಗ್ಗೆ 11 ಗಂಟೆಗೆ ಈ ನ್ಯಾಯಾಲಯದಲ್ಲಿ ಖುದ್ದಾಗಿ ಅಥವಾ ವಕೀಲರ ಮುಖಾಂತರ ಹಾಜರಾಗಿ ತಮ್ಮ ತಕರಾರನ್ನು ಸಲ್ಲಿಸತಕ್ಕದ್ದು, ತಪ್ಪಿದಲ್ಲಿ ಅರ್ಜಿಯನ್ನು ಏಕಪಕ್ಷೀಯವಾಗಿ ತೀರ್ಮಾನಿಸಲಾಗುವುದು.
ಸಾರ್ವಜನಿಕ ಪ್ರಕಟಣೆ
ಅರ್ಜಿದಾರರು ಈ ನ್ಯಾಯಾಲಯದಲ್ಲಿ ಜನನ ಮತ್ತು ಮರಣ ನೋಂದಣಿ ಕಾಯ್ದೆ 1969ರ ಕಲಂ 13(3) ರಡಿ ಅರ್ಜಿಯನ್ನು ಸಲ್ಲಿಸಿರುತ್ತಾರೆ. ಈ ಬಗ್ಗೆ ಯಾರಿಗಾದರೂ ತಕರಾರು ಇದ್ದಲ್ಲಿ ನಿಗದಿತ ದಿನಾಂಕದಂದು ಬೆಳಿಗ್ಗೆ 11 ಗಂಟೆಗೆ ಈ ನ್ಯಾಯಾಲಯದಲ್ಲಿ ಖುದ್ದಾಗಿ ಅಥವಾ ವಕೀಲರ ಮುಖಾಂತರ ಹಾಜರಾಗಿ ತಮ್ಮ ತಕರಾರನ್ನು ಸಲ್ಲಿಸತಕ್ಕದ್ದು, ತಪ್ಪಿದಲ್ಲಿ ಅರ್ಜಿಯನ್ನು ಏಕಪಕ್ಷೀಯವಾಗಿ ತೀರ್ಮಾನಿಸಲಾಗುವುದು.
ಅರ್ಜಿದಾರರು ಈ ನ್ಯಾಯಾಲಯದಲ್ಲಿ ಜನನ ಮತ್ತು ಮರಣ ನೋಂದಣಿ ಕಾಯ್ದೆ 1969ರ ಕಲಂ 13(3) ರಡಿ ಅರ್ಜಿಯನ್ನು ಸಲ್ಲಿಸಿರುತ್ತಾರೆ. ಈ ಬಗ್ಗೆ ಯಾರಿಗಾದರೂ ತಕರಾರು ಇದ್ದಲ್ಲಿ ನಿಗದಿತ ದಿನಾಂಕದಂದು ಬೆಳಿಗ್ಗೆ 11 ಗಂಟೆಗೆ ಈ ನ್ಯಾಯಾಲಯದಲ್ಲಿ ಖುದ್ದಾಗಿ ಅಥವಾ ವಕೀಲರ ಮುಖಾಂತರ ಹಾಜರಾಗಿ ತಮ್ಮ ತಕರಾರನ್ನು ಸಲ್ಲಿಸತಕ್ಕದ್ದು, ತಪ್ಪಿದಲ್ಲಿ ಅರ್ಜಿಯನ್ನು ಏಕಪಕ್ಷೀಯವಾಗಿ ತೀರ್ಮಾನಿಸಲಾಗುವುದು.
ನ್ಯಾಯಾಲಯದ ಆದೇಶದ ಮೇರೆಗೆ, ಮುಖ್ಯ ಆಡಳಿತಾಧಿಕಾರಿ, ದೊಡ್ಡಬಳ್ಳಾಪುರ
IN THE COURT OF HON'BLE ADDL JUNIOR DIVISION & MACT KGF C.MISC. NO. 218/2024
Petitioner: SRI. N. NARENDRA KUMAR S/o Late Muniswamy, Aged about 60 years, R/at Robertsonpet, KGF Taluk, Kolar District. Respondent: THE COMMISSION CITY Municipal Council, Registrar of Birth & Death Robertsonpet, K.G.F. WHEREAS, the petitioner has filed petition under Section 13(3) of Registration of Birth & Death Act 1969, for obtaining the Death Certificate of his mother SRIMATI KAMALAMMA, who died on 08.03.2020 at Champion Reefs, K.G.F., Kolar District. The hearing date of the case is posted on 29.07.2025. If any person has any objection, the objections may be filed on or before the date, failing which the petition will be disposed of.
By Order of the Court, PRL. CIVIL JUDGE & ADDL JMFC COURT, KGF. VIJAI RAMAKRISHNA.B, B.A.(L), LL.B., Advocate, K.G.F.
IN THE COURT OF THE IX ADDL. CIVIL JUDGE (JR.DN) AND J.M.F.C AT MYSURU O.S.NO.1547/2024
PLAINTIFF: Smt. Nanjamma and others. V/S DEFENDANTS: 1. Sri. Shivanna S/o Late Madhu, Aged about 57 years, 2. Bhagya D/o Late Madhu, Aged about 55 years, 3. Mahadevaswamy S/o Late Madhu. PAPER PUBLICATION. Whereas the Plaintiffs institute the suit against the Defendants in respect of the suit schedule property. You are hereby summoned to appear before this court on 07.07.2025 at 11.00 O'Clock in person or by a pleader duly instructed to answer the plaint. Take notice that in default of your appearance on the day before mentioned the suit will be heard and determined in your absence.
Given under my hand and the seal of the court this 17th day of June 2025. By order of the court, Chief Ministerial Officer, Principal Civil Judge and JMFC at Mysuru. RAMAKRISHNA.B.A, LL.B., Advocate, No.951/1990-91, #1131/1A, 1st Floor, Dr.B.R. Ambedkar Road, Chamaraja Mohalla, Mysore.
IN THE COURT OF THE PRL. CIVIL JUDGE AT HOSKOTE C.MISC. NO. 201/2025
1. SMT. KAMALA, W/o Mr. C. Muniswamy, Aged about 65 years, R/at Kolathur Village, Jadigenahalli Hobli, Hoskote Taluk, Bangalore Rural - 562114. 2. SRI. BALAKRISHNA, S/o Muniswamy, Aged about 45 years. ...PETITIONERS. AND: The Tahsildar, Hoskote Taluk. Whereas, the petitioners have filed the above petition for seeking the directions to the respondent for issuance of death certificate of late Sri. Muniswamy who died at Kolathur on 13.01.2009. The public are hereby informed that the said petition is posted to 12.08.2025 and any person having objections may appear before this court in person or through counsel, failing which the petition will be disposed of.
Given under my hand and seal of this court on this 19.06.2025. By the Order of Court, Sheristedar, Civil Judge & JMFC, Hoskote. Advocate for the Petitioners: K.R. ANANDA KUMAR, Advocate, Office at: Hosakote.
ಸಾರ್ವಜನಿಕ ಪ್ರಕಟಣೆ
ಅರ್ಜಿದಾರರು ಈ ನ್ಯಾಯಾಲಯದಲ್ಲಿ ಜನನ ಮತ್ತು ಮರಣ ನೋಂದಣಿ ಕಾಯ್ದೆ 1969ರ ಕಲಂ 13(3) ರಡಿ ಅರ್ಜಿಯನ್ನು ಸಲ್ಲಿಸಿರುತ್ತಾರೆ. ಈ ಬಗ್ಗೆ ಯಾರಿಗಾದರೂ ತಕರಾರು ಇದ್ದಲ್ಲಿ ನಿಗದಿತ ದಿನಾಂಕದಂದು ಬೆಳಿಗ್ಗೆ 11 ಗಂಟೆಗೆ ಈ ನ್ಯಾಯಾಲಯದಲ್ಲಿ ಖುದ್ದಾಗಿ ಅಥವಾ ವಕೀಲರ ಮುಖಾಂತರ ಹಾಜರಾಗಿ ತಮ್ಮ ತಕರಾರನ್ನು ಸಲ್ಲಿಸತಕ್ಕದ್ದು, ತಪ್ಪಿದಲ್ಲಿ ಅರ್ಜಿಯನ್ನು ಏಕಪಕ್ಷೀಯವಾಗಿ ತೀರ್ಮಾನಿಸಲಾಗುವುದು.
ಅರ್ಜಿದಾರರು ಈ ನ್ಯಾಯಾಲಯದಲ್ಲಿ ಜನನ ಮತ್ತು ಮರಣ ನೋಂದಣಿ ಕಾಯ್ದೆ 1969ರ ಕಲಂ 13(3) ರಡಿ ಅರ್ಜಿಯನ್ನು ಸಲ್ಲಿಸಿರುತ್ತಾರೆ. ಈ ಬಗ್ಗೆ ಯಾರಿಗಾದರೂ ತಕರಾರು ಇದ್ದಲ್ಲಿ ನಿಗದಿತ ದಿನಾಂಕದಂದು ಬೆಳಿಗ್ಗೆ 11 ಗಂಟೆಗೆ ಈ ನ್ಯಾಯಾಲಯದಲ್ಲಿ ಖುದ್ದಾಗಿ ಅಥವಾ ವಕೀಲರ ಮುಖಾಂತರ ಹಾಜರಾಗಿ ತಮ್ಮ ತಕರಾರನ್ನು ಸಲ್ಲಿಸತಕ್ಕದ್ದು, ತಪ್ಪಿದಲ್ಲಿ ಅರ್ಜಿಯನ್ನು ಏಕಪಕ್ಷೀಯವಾಗಿ ತೀರ್ಮಾನಿಸಲಾಗುವುದು.
ನ್ಯಾಯಾಲಯದ ಆದೇಶದ ಮೇರೆಗೆ, ಮುಖ್ಯ ಆಡಳಿತಾಧಿಕಾರಿ, ದೊಡ್ಡಬಳ್ಳಾಪುರ
IN THE COURT OF THE HON'BLE COURT OF ASSISTANT COMMISSIONER AT KOLAR. R.A.NO: 91/2024
Appellant: Venkataramareddy. v/s Respondents: The Tahsildhar K.G.F. Taluk and others. NOTICE TO RESPONDENT NO.2 THROUGH PAPER PUBLICATION UNDER ORDER 5 RULE 20 OF C.P.C. Correct address of the respondent No: 2: R2 sri. Chandra Kumar S/o Venkatappa, Aged about 45 years, R/at Doddahalli village, Kyasamballi hobli, K.G.F taluk. Whereas, the appellant had instituted the above appeal against the impugned mutation order passed by the 1st respondent in respect to the land bearing Sy.No. 52, measuring an extent of 2 acres. Hence you are hereby summoned to appear on this in person or by an advocate on 27.06.2025 at 10'O' clock A.M., before this court.
Given under my hand and seal of the court on this day 10/06/2025. By order of the court, Assistant Commissioner, Kolar. T.M.Shivanna, Advocate, Kolar. Date - 10.06.2025
IN THE COURT OF THE PRINCIPAL CIVIL JUDGE AND JMFC AT CHIKBALLAPURA O.S. NO. 119/2025
PETITIONER: Sri. G. Murthy, S/o Late Papaiah, Aged about 53 years. RESPONDENT: Sri. Shivappa and others. Whereas, the petitioner has filed the above suit for partition and declaration. The respondents are hereby directed to appear before this court on 28.07.2025 at 11.00 A.M. either in person or through the counsel, failing which the matter will be heard and disposed of in your absence.
By the Order of the Court, Principal Civil Judge and JMFC, Chikballapura.
ಜಾಹೀರಾತಿಗಾಗಿ ಸಂಪರ್ಕಿಸಿ:
9845438807,
9611755391
BEFORE THE NOMINEE OF DEPUTY REGISTRAR OF CHITS, III ZONE, MARGOSA ROAD, MALLESWARAM, AT BANGALORE. DISPUTE NO. DRB-III ZONE / CHITS/337/2024-2025
DISPUTANT : M/s. FLOTUS CHITS PVT. LTD., Represented by its Legal Manager, Mr. ANJANEYAPPA. -Vs- OPPONENT : Mrs. HARI HARA IMPEX & ORS. SUIT NOTICE BY PAPER PUBLICATION TO OPPONENT Nos. 2 & 4. Whereas, the Disputant has filed the above dispute U/s 64 (1) of the Chit Funds Act, 1982 against you for recovery of a sum of Rs.1,43,458/- along with interest. You are hereby directed to appear before me on 07-07-2025 at 3.00 P.M.
Given under my hand and seal on 18.06.2025. ASHOK.S.BIRAJ, Nominee of Deputy Registrar of Chits, III Zone, Bangalore. Advocate for Disputant: K. R. DINAKAR, ADVOCATE, # 66, Vidya Nagar, BANGALORE-560 050.
ಸನ್ಮಾನ್ಯ ಪ್ರಧಾನ ಸಿವಿಲ್ ನ್ಯಾಯಾಧೀಶರು ಮತ್ತು ಜೆ.ಎಂ.ಎಫ್.ಸಿ. ನ್ಯಾಯಾಲಯ, ದೊಡ್ಡಬಳ್ಳಾಪುರ
ಅರ್ಜಿದಾರರು ಈ ನ್ಯಾಯಾಲಯದಲ್ಲಿ ಜನನ ಮತ್ತು ಮರಣ ನೋಂದಣಿ ಕಾಯ್ದೆ 1969ರ ಕಲಂ 13(3) ರಡಿ ಅರ್ಜಿಯನ್ನು ಸಲ್ಲಿಸಿರುತ್ತಾರೆ. ಈ ಬಗ್ಗೆ ಯಾರಿಗಾದರೂ ತಕರಾರು ಇದ್ದಲ್ಲಿ ನಿಗದಿತ ದಿನಾಂಕದಂದು ಬೆಳಿಗ್ಗೆ 11 ಗಂಟೆಗೆ ಈ ನ್ಯಾಯಾಲಯದಲ್ಲಿ ಖುದ್ದಾಗಿ ಅಥವಾ ವಕೀಲರ ಮುಖಾಂತರ ಹಾಜರಾಗಿ ತಮ್ಮ ತಕರಾರನ್ನು ಸಲ್ಲಿಸತಕ್ಕದ್ದು, ತಪ್ಪಿದಲ್ಲಿ ಅರ್ಜಿಯನ್ನು ಏಕಪಕ್ಷೀಯವಾಗಿ ತೀರ್ಮಾನಿಸಲಾಗುವುದು.
ಅರ್ಜಿದಾರರು ಈ ನ್ಯಾಯಾಲಯದಲ್ಲಿ ಜನನ ಮತ್ತು ಮರಣ ನೋಂದಣಿ ಕಾಯ್ದೆ 1969ರ ಕಲಂ 13(3) ರಡಿ ಅರ್ಜಿಯನ್ನು ಸಲ್ಲಿಸಿರುತ್ತಾರೆ. ಈ ಬಗ್ಗೆ ಯಾರಿಗಾದರೂ ತಕರಾರು ಇದ್ದಲ್ಲಿ ನಿಗದಿತ ದಿನಾಂಕದಂದು ಬೆಳಿಗ್ಗೆ 11 ಗಂಟೆಗೆ ಈ ನ್ಯಾಯಾಲಯದಲ್ಲಿ ಖುದ್ದಾಗಿ ಅಥವಾ ವಕೀಲರ ಮುಖಾಂತರ ಹಾಜರಾಗಿ ತಮ್ಮ ತಕರಾರನ್ನು ಸಲ್ಲಿಸತಕ್ಕದ್ದು, ತಪ್ಪಿದಲ್ಲಿ ಅರ್ಜಿಯನ್ನು ಏಕಪಕ್ಷೀಯವಾಗಿ ತೀರ್ಮಾನಿಸಲಾಗುವುದು.
ನ್ಯಾಯಾಲಯದ ಆದೇಶದ ಮೇರೆಗೆ, ಮುಖ್ಯ ಆಡಳಿತಾಧಿಕಾರಿ, ದೊಡ್ಡಬಳ್ಳಾಪುರ
ಸಾರ್ವಜನಿಕ ಪ್ರಕಟಣೆ
ಅರ್ಜಿದಾರರು ಈ ನ್ಯಾಯಾಲಯದಲ್ಲಿ ಜನನ ಮತ್ತು ಮರಣ ನೋಂದಣಿ ಕಾಯ್ದೆ 1969ರ ಕಲಂ 13(3) ರಡಿ ಅರ್ಜಿಯನ್ನು ಸಲ್ಲಿಸಿರುತ್ತಾರೆ. ಈ ಬಗ್ಗೆ ಯಾರಿಗಾದರೂ ತಕರಾರು ಇದ್ದಲ್ಲಿ ನಿಗದಿತ ದಿನಾಂಕದಂದು ಬೆಳಿಗ್ಗೆ 11 ಗಂಟೆಗೆ ಈ ನ್ಯಾಯಾಲಯದಲ್ಲಿ ಖುದ್ದಾಗಿ ಅಥವಾ ವಕೀಲರ ಮುಖಾಂತರ ಹಾಜರಾಗಿ ತಮ್ಮ ತಕರಾರನ್ನು ಸಲ್ಲಿಸತಕ್ಕದ್ದು, ತಪ್ಪಿದಲ್ಲಿ ಅರ್ಜಿಯನ್ನು ಏಕಪಕ್ಷೀಯವಾಗಿ ತೀರ್ಮಾನಿಸಲಾಗುವುದು.
ಅರ್ಜಿದಾರರು ಈ ನ್ಯಾಯಾಲಯದಲ್ಲಿ ಜನನ ಮತ್ತು ಮರಣ ನೋಂದಣಿ ಕಾಯ್ದೆ 1969ರ ಕಲಂ 13(3) ರಡಿ ಅರ್ಜಿಯನ್ನು ಸಲ್ಲಿಸಿರುತ್ತಾರೆ. ಈ ಬಗ್ಗೆ ಯಾರಿಗಾದರೂ ತಕರಾರು ಇದ್ದಲ್ಲಿ ನಿಗದಿತ ದಿನಾಂಕದಂದು ಬೆಳಿಗ್ಗೆ 11 ಗಂಟೆಗೆ ಈ ನ್ಯಾಯಾಲಯದಲ್ಲಿ ಖುದ್ದಾಗಿ ಅಥವಾ ವಕೀಲರ ಮುಖಾಂತರ ಹಾಜರಾಗಿ ತಮ್ಮ ತಕರಾರನ್ನು ಸಲ್ಲಿಸತಕ್ಕದ್ದು, ತಪ್ಪಿದಲ್ಲಿ ಅರ್ಜಿಯನ್ನು ಏಕಪಕ್ಷೀಯವಾಗಿ ತೀರ್ಮಾನಿಸಲಾಗುವುದು.
ನ್ಯಾಯಾಲಯದ ಆದೇಶದ ಮೇರೆಗೆ, ಮುಖ್ಯ ಆಡಳಿತಾಧಿಕಾರಿ, ದೊಡ್ಡಬಳ್ಳಾಪುರ
IN THE COURT OF THE HON'BLE ASSISTANT COMMISSIONER AT KOLAR. SNO(T)R.R. 7/2007-08
BETWEEN: Bhovi Muniyappa ...Petitioner AND: Venkataswamy dead by his Lrs. ...Respondents. To: R1. Lakshmamma, W/o Late Venkataswamy, Aged about 75 years, R/o Bettahosapura Village, Vemagal Hobli, Kolar Taluk. R2. Srinivasa, S/o Late Venkataswamy. NOTICE: The appellants have filed the above appeal against the respondents challenging the mutation order. Hence you are summoned to appear in person or by an advocate on 07.07.2025 at 11.00 A.M. before this court, failing which the court shall pass the order exparte.
Given under my hand and seal of the court this 23.06.2025. By order of the Court, Assistant Commissioner, Kolar. Advocate for Appellant: B.K. DEVARAJA, Advocate, No.74, 5th Cross, Kolar.
IN THE COURT OF THE PRINCIPAL SENIOR CIVIL JUDGE AT KOLAR O.S. NO: 1065/2022
BETWEEN: SMT. YELLAMMA & OTHERS ...PLAINTIFFS V/S SMT. MUNIRATNAMMA & OTHERS ...DEFENDANTS. TO: D5, Muniswamy, S/o Munivenkatappa. SUIT SUMMONS TO DEFENDANT NO. 5 UNDER ORDER 5 RULE 20 (1)(A) OF CPC. WHEREAS the plaintiffs have filed the suit against the defendants for relief of partition and separate possession. You are hereby summoned to appear before this court in person or by a pleader on 28.07.2025 at 11.00 A.M., failing which the suit will be decided ex-parte.
Given under my hand and seal of this court on 19/06/2025. By Order of the Court, Principal Senior Civil Judge, Kolar.
BEFORE THE ADDL. JUDGE, COURT OF SMALL CAUSE AND MEMBER, MOTOR VEHICLE ACCIDENT CLAIMS TRIBUNAL AT BANGALORE (SCCH-25) M.V.C. NO. 362/2023
BETWEEN: 1. Sri. Sanna Gangappa, S/o. Late Gangappa, Aged about 58 years. 2. Smt. Vijaya. ...PETITIONERS AND: 1. Smt. Lakshmidevamma, W/o. Gangappa, Aged major. 2. THE MANAGING DIRECTOR OF M/s. CELESTIAL KARISHMA SOUTH. 3. NEW INDIA ASSURANCE COMPANY. ...RESPONDENTS. NOTICE TO RESPONDENT No.1 UNDER SECTION V RULE 20 OF CPC. Whereas the above named petitioner has filed the above petition under section 166 of the Motor Vehicles Act, 1988 claiming compensation for the death caused in a road traffic accident. You are hereby summoned to appear before this Hon'ble Court on 13-08-2025 at 11:00 AM. If you fail to appear, the matter will be heard and decided ex-parte.
Given under my hand and seal of this Hon'ble Court on 10-06-2025. By Order of the Court, Asst. Registrar, Court of Small Causes, Bengaluru. Advocate for petitioners: M/s AMBIKADASARATHA ASSOCIATES, No.103, Rajajinagar, Bangalore.
PUBLIC NOTICE
Our client G.V.Vasudeva Murthy, S/o G.R. Narasinga Rao, is intending to purchase the Properties mentioned in the Schedule from the Sri.Somashekara S/o. L. Gangapppa, Financial Institutions and the General Public are hereby notified that if anybody has any share, interest, lien or claim in respect of the Schedule property, they are hereby called upon to intimate the same in writing to the undersigned with documentary proof within Five (5) days from the date of this publication, failing which our client shall proceed to complete the sale transaction.
R.H. NAGARAJ, Advocate, No.4, HC-254, 4th Cross, Sanjay Nagar, Bangalore - 560 094.
CHANGE OF NAME
I, ALIYA BEGUM, resident of # 842, MGMS ENCLAVE, 4th Floor, 11th Cross Road, 1st Stage, 3rd Block, HBR Layout, Bengaluru - 560043, Karnataka, India, do hereby declare that I have changed my name from ALIYA BEGUM to ALIYA BEGUM, vide affidavit dated 23.06.2025, sworn to before B. Chitra, Advocate & Notary Public, Govt. of India, Bengaluru.
BEFORE THE ASSISTANT COMMISSIONER DODDABALLAPURA SUB-DIVISION SITTING AT HOSAKOTE RA.(H)NO.347/2024
BETWEEN: Sri.K.N.Narayanaswamy and Ors. ...PETITIONERS AND: The Deputy Commissioner and others ...RESPONDENTS. NOTICE TO RESPONDENT No.4. 4. Sri.Narayanappa @ Gollappa, S/o K.Venkatappa, Aged Major, All are R/at Kenpanahalli Village, Nandagudi Hobli, Hoskote Taluk, Bangalore Rural District 562 114. Whereas, the Petitioners have filed the above appeal for relief of incorporation of the names in the RTC and other relief in respect to suit schedule Property. You are hereby called upon to appear before the Assistant Commissioner Doddaballapura Sub-Division sitting at Hosakote in person or by a pleader on 24-07-2025 at 11:00 AM.
Given under my hand and seal of court, on 20.06.2025. By order of the court, Assistant Commissioner, Doddaballapura Sub-Division. Advocate for Petitioners: M. SUBRAMANYA, No.71, 1st main, 2nd Cross, Thyagaraja Layout, Hosakote Town, Bangalore Rural District 562 114. Mob: 9945782522
ಸಾರ್ವಜನಿಕ ಪ್ರಕಟಣೆ
ಅರ್ಜಿದಾರರು ಈ ನ್ಯಾಯಾಲಯದಲ್ಲಿ ಜನನ ಮತ್ತು ಮರಣ ನೋಂದಣಿ ಕಾಯ್ದೆ 1969ರ ಕಲಂ 13(3) ರಡಿ ಅರ್ಜಿಯನ್ನು ಸಲ್ಲಿಸಿರುತ್ತಾರೆ. ಈ ಬಗ್ಗೆ ಯಾರಿಗಾದರೂ ತಕರಾರು ಇದ್ದಲ್ಲಿ ನಿಗದಿತ ದಿನಾಂಕದಂದು ಬೆಳಿಗ್ಗೆ 11 ಗಂಟೆಗೆ ಈ ನ್ಯಾಯಾಲಯದಲ್ಲಿ ಖುದ್ದಾಗಿ ಅಥವಾ ವಕೀಲರ ಮುಖಾಂತರ ಹಾಜರಾಗಿ ತಮ್ಮ ತಕರಾರನ್ನು ಸಲ್ಲಿಸತಕ್ಕದ್ದು, ತಪ್ಪಿದಲ್ಲಿ ಅರ್ಜಿಯನ್ನು ಏಕಪಕ್ಷೀಯವಾಗಿ ತೀರ್ಮಾನಿಸಲಾಗುವುದು.
ನ್ಯಾಯಾಲಯದ ಆದೇಶದ ಮೇರೆಗೆ, ಮುಖ್ಯ ಆಡಳಿತಾಧಿಕಾರಿ, ದೊಡ್ಡಬಳ್ಳಾಪುರ
BEFORE THE NOMINEE OF DEPUTY REGISTRAR OF CHITS, III ZONE, MARGOSA ROAD, MALLESWARAM, AT BANGALORE. DISPUTE NO. DRB-III ZONE / CHITS/311/2024-2025
DISPUTANT : M/s. FLOTUS CHITS PVT. LTD., 2nd Floor, 72nd 7th Main Road, Jayanagar 4th Block, Bangalore-560011. Branch: JAYANAGAR. Represented by its Legal Manager, Mr. ANJANEYAPPA. -Vs- OPPONENT : Mrs. HARI HARA IMPEX & ORS. SUIT NOTICE BY PAPER PUBLICATION TO OPPONENT Nos. 2 to 5. WHEREAS, the above dispute has filed U/s 64 (1) of The Chit Funds Act, 1982 before The Deputy Registrar of Chits, III Zone, Bangalore, for recovery of a sum of Rs.2,22,000/- along with interest at 24% p.a. You are hereby directed to appear before me on 07-07-2025 at 3.00 P.M., failing which the dispute will be decided ex-parte.
Given under my hand and seal on 15.06.2025. ASHOK.S.BIRAJ, Nominee of Deputy Registrar of Chits, III Zone, Bangalore. ADVOCATE FOR DISPUTANT: K. R. DINAKAR, ADVOCATE, # 66, 4th Cross, Vidya Nagar, Near N. R. Colony, BANGALORE-560 050. Mob: 94485 39699.
